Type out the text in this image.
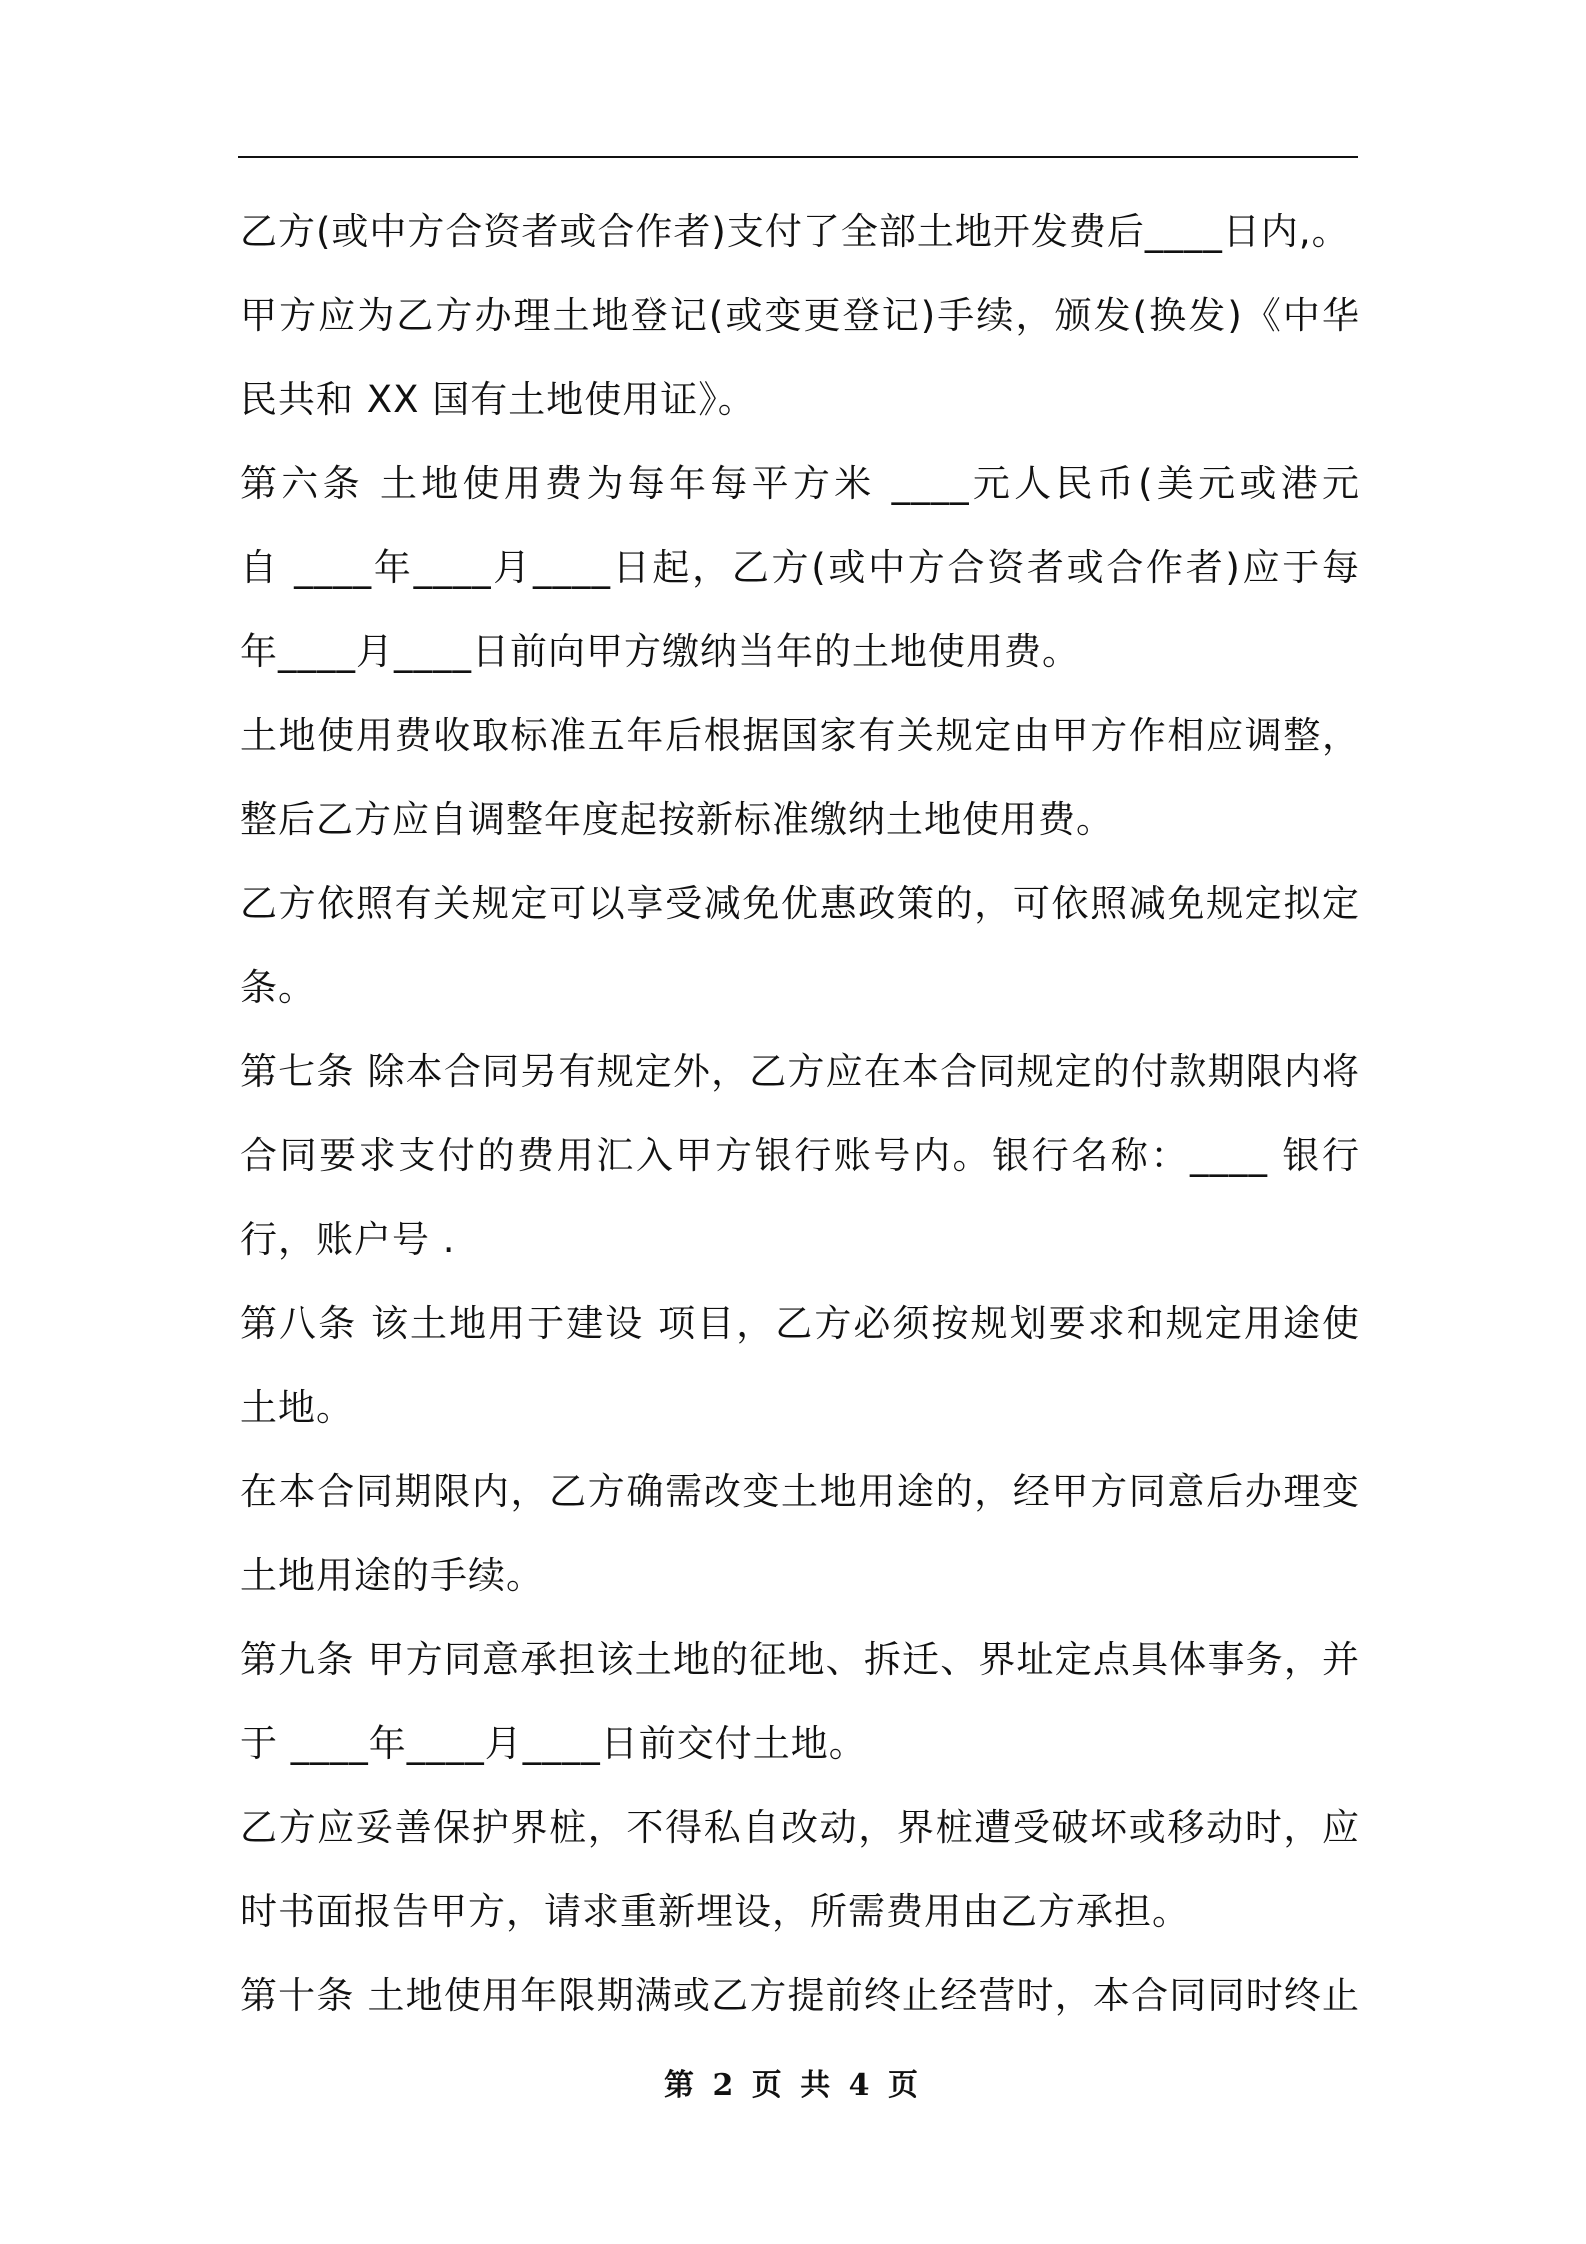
乙方(或中方合资者或合作者)支付了全部土地开发费后____日内,。
甲方应为乙方办理土地登记(或变更登记)手续，颁发(换发)《中华
民共和 XX 国有土地使用证》。
第六条 土地使用费为每年每平方米 ____元人民币(美元或港元
自 ____年____月____日起，乙方(或中方合资者或合作者)应于每
年____月____日前向甲方缴纳当年的土地使用费。
土地使用费收取标准五年后根据国家有关规定由甲方作相应调整，
整后乙方应自调整年度起按新标准缴纳土地使用费。
乙方依照有关规定可以享受减免优惠政策的，可依照减免规定拟定
条。
第七条 除本合同另有规定外，乙方应在本合同规定的付款期限内将
合同要求支付的费用汇入甲方银行账号内。银行名称：____ 银行
行，账户号 .
第八条 该土地用于建设 项目，乙方必须按规划要求和规定用途使
土地。
在本合同期限内，乙方确需改变土地用途的，经甲方同意后办理变
土地用途的手续。
第九条 甲方同意承担该土地的征地、拆迁、界址定点具体事务，并
于 ____年____月____日前交付土地。
乙方应妥善保护界桩，不得私自改动，界桩遭受破坏或移动时，应
时书面报告甲方，请求重新埋设，所需费用由乙方承担。
第十条 土地使用年限期满或乙方提前终止经营时，本合同同时终止
第 2 页 共 4 页
